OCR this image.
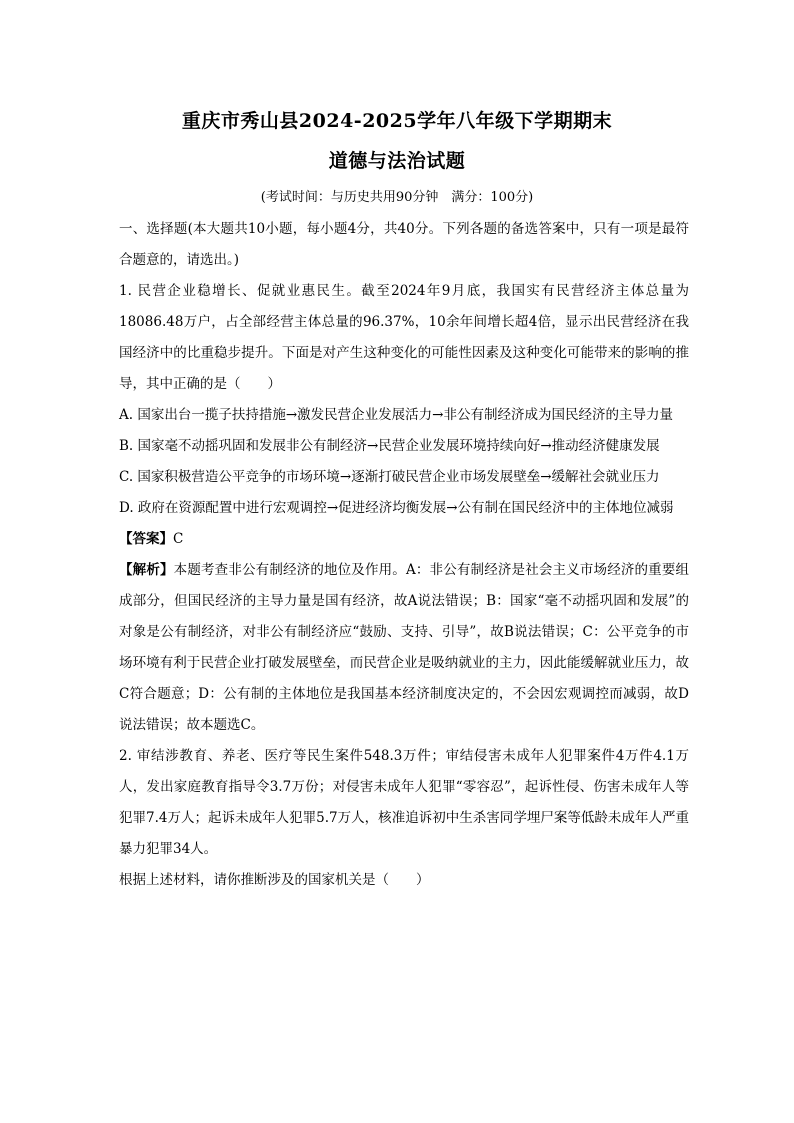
重庆市秀山县2024-2025学年八年级下学期期末
道德与法治试题
(考试时间：与历史共用90分钟　满分：100分)

一、选择题(本大题共10小题，每小题4分，共40分。下列各题的备选答案中，只有一项是最符合题意的，请选出。)

1. 民营企业稳增长、促就业惠民生。截至2024年9月底，我国实有民营经济主体总量为18086.48万户，占全部经营主体总量的96.37%，10余年间增长超4倍，显示出民营经济在我国经济中的比重稳步提升。下面是对产生这种变化的可能性因素及这种变化可能带来的影响的推导，其中正确的是（　　）

A. 国家出台一揽子扶持措施→激发民营企业发展活力→非公有制经济成为国民经济的主导力量

B. 国家毫不动摇巩固和发展非公有制经济→民营企业发展环境持续向好→推动经济健康发展

C. 国家积极营造公平竞争的市场环境→逐渐打破民营企业市场发展壁垒→缓解社会就业压力

D. 政府在资源配置中进行宏观调控→促进经济均衡发展→公有制在国民经济中的主体地位减弱

【答案】C

【解析】本题考查非公有制经济的地位及作用。A：非公有制经济是社会主义市场经济的重要组成部分，但国民经济的主导力量是国有经济，故A说法错误；B：国家“毫不动摇巩固和发展”的对象是公有制经济，对非公有制经济应“鼓励、支持、引导”，故B说法错误；C：公平竞争的市场环境有利于民营企业打破发展壁垒，而民营企业是吸纳就业的主力，因此能缓解就业压力，故C符合题意；D：公有制的主体地位是我国基本经济制度决定的，不会因宏观调控而减弱，故D说法错误；故本题选C。

2. 审结涉教育、养老、医疗等民生案件548.3万件；审结侵害未成年人犯罪案件4万件4.1万人，发出家庭教育指导令3.7万份；对侵害未成年人犯罪“零容忍”，起诉性侵、伤害未成年人等犯罪7.4万人；起诉未成年人犯罪5.7万人，核准追诉初中生杀害同学埋尸案等低龄未成年人严重暴力犯罪34人。

根据上述材料，请你推断涉及的国家机关是（　　）
